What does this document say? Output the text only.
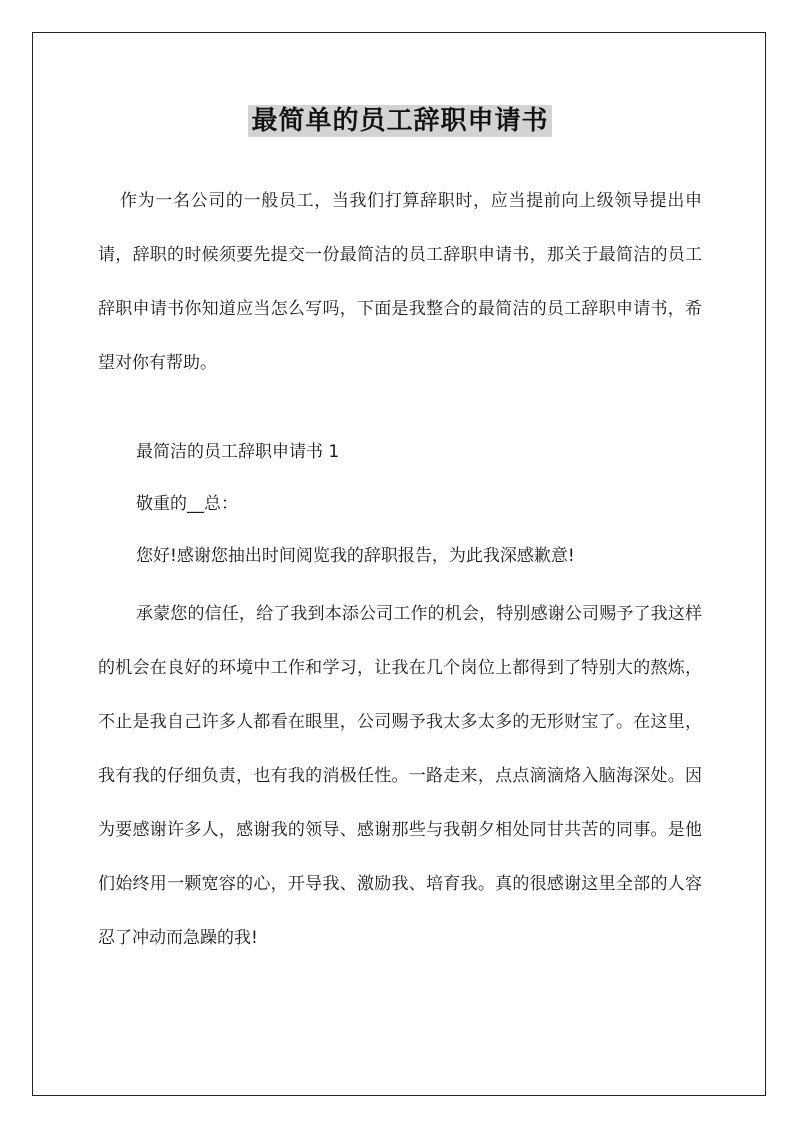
最简单的员工辞职申请书

作为一名公司的一般员工，当我们打算辞职时，应当提前向上级领导提出申请，辞职的时候须要先提交一份最简洁的员工辞职申请书，那关于最简洁的员工辞职申请书你知道应当怎么写吗，下面是我整合的最简洁的员工辞职申请书，希望对你有帮助。

最简洁的员工辞职申请书 1

敬重的__总：

您好!感谢您抽出时间阅览我的辞职报告，为此我深感歉意!

承蒙您的信任，给了我到本添公司工作的机会，特别感谢公司赐予了我这样的机会在良好的环境中工作和学习，让我在几个岗位上都得到了特别大的熬炼，不止是我自己许多人都看在眼里，公司赐予我太多太多的无形财宝了。在这里，我有我的仔细负责，也有我的消极任性。一路走来，点点滴滴烙入脑海深处。因为要感谢许多人，感谢我的领导、感谢那些与我朝夕相处同甘共苦的同事。是他们始终用一颗宽容的心，开导我、激励我、培育我。真的很感谢这里全部的人容忍了冲动而急躁的我!
